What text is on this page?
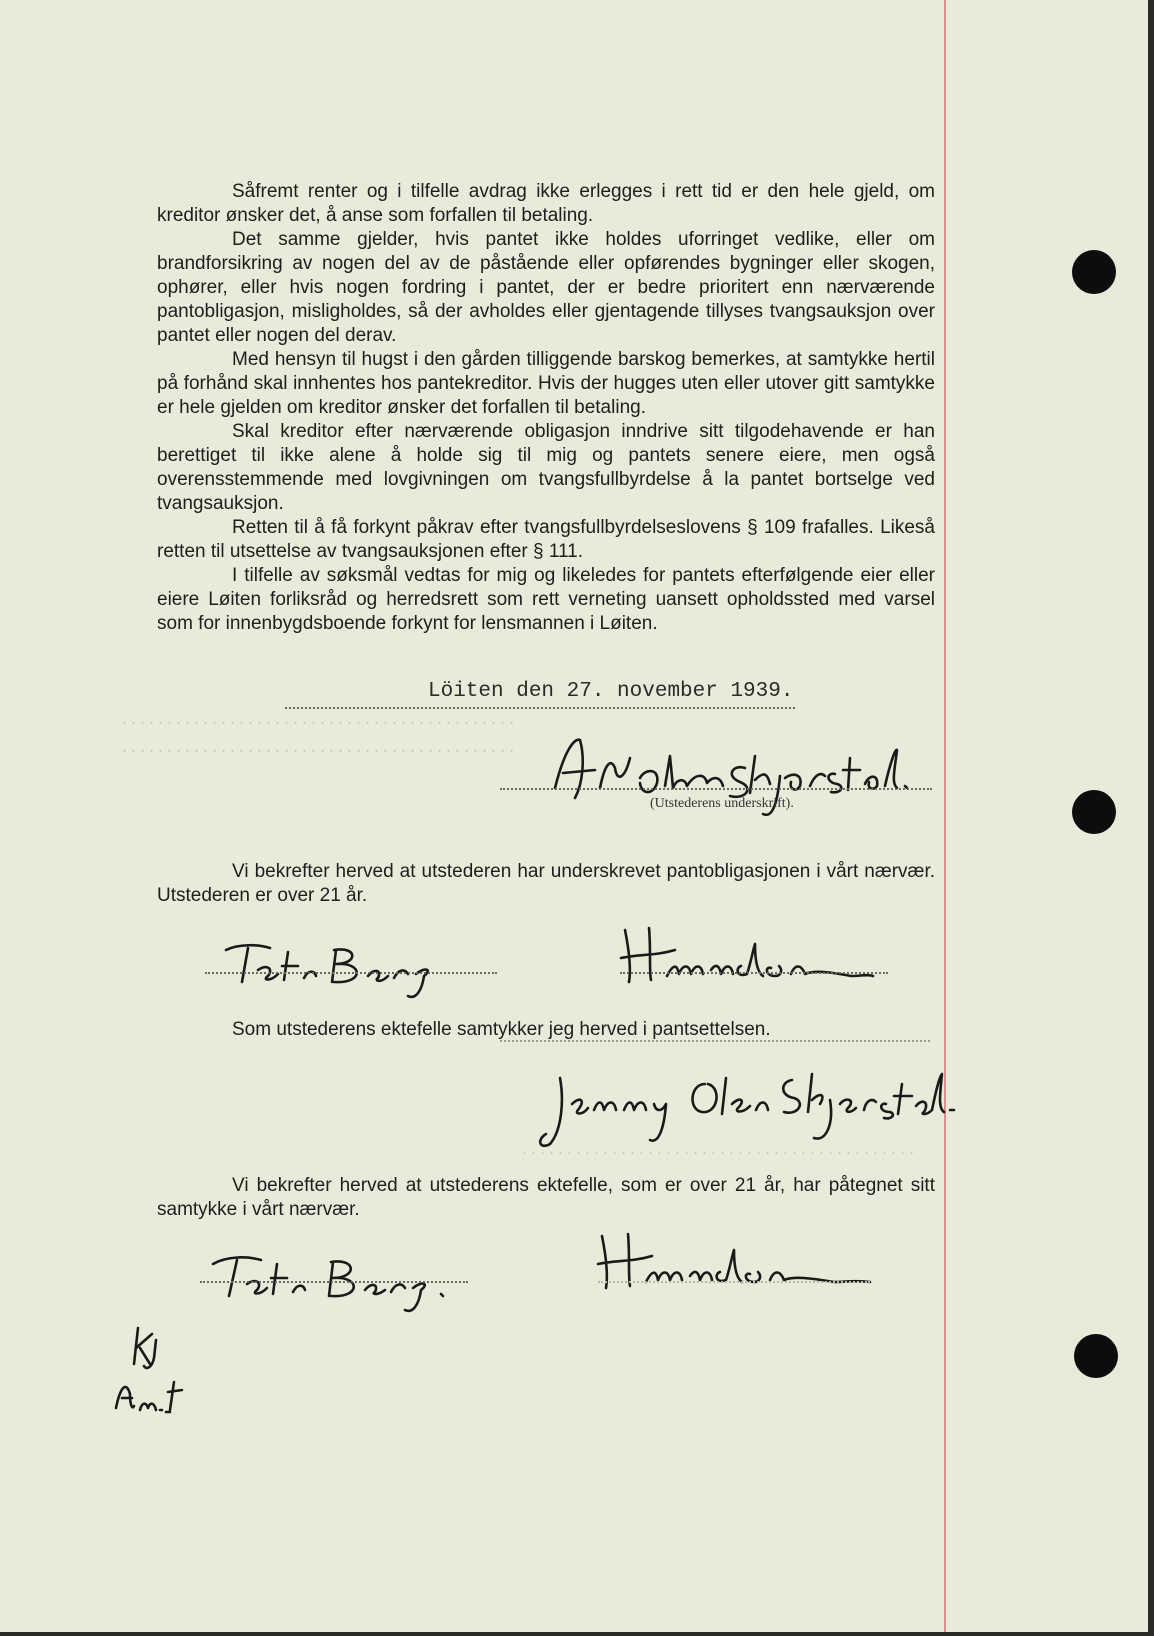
............................................
............................................
............................................

Såfremt renter og i tilfelle avdrag ikke erlegges i rett tid er den hele gjeld, om kreditor ønsker det, å anse som forfallen til betaling.

Det samme gjelder, hvis pantet ikke holdes uforringet vedlike, eller om brandforsikring av nogen del av de påstående eller opførendes bygninger eller skogen, ophører, eller hvis nogen fordring i pantet, der er bedre prioritert enn nærværende pantobligasjon, misligholdes, så der avholdes eller gjentagende tillyses tvangsauksjon over pantet eller nogen del derav.

Med hensyn til hugst i den gården tilliggende barskog bemerkes, at samtykke hertil på forhånd skal innhentes hos pantekreditor. Hvis der hugges uten eller utover gitt samtykke er hele gjelden om kreditor ønsker det forfallen til betaling.

Skal kreditor efter nærværende obligasjon inndrive sitt tilgodehavende er han berettiget til ikke alene å holde sig til mig og pantets senere eiere, men også overensstemmende med lovgivningen om tvangsfullbyrdelse å la pantet bortselge ved tvangsauksjon.

Retten til å få forkynt påkrav efter tvangsfullbyrdelseslovens § 109 frafalles. Likeså retten til utsettelse av tvangsauksjonen efter § 111.

I tilfelle av søksmål vedtas for mig og likeledes for pantets efterfølgende eier eller eiere Løiten forliksråd og herredsrett som rett verneting uansett opholdssted med varsel som for innenbygdsboende forkynt for lensmannen i Løiten.

Löiten den 27. november 1939.
(Utstederens underskrift).
Vi bekrefter herved at utstederen har underskrevet pantobligasjonen i vårt nærvær. Utstederen er over 21 år.
Som utstederens ektefelle samtykker jeg herved i pantsettelsen.
Vi bekrefter herved at utstederens ektefelle, som er over 21 år, har påtegnet sitt samtykke i vårt nærvær.
